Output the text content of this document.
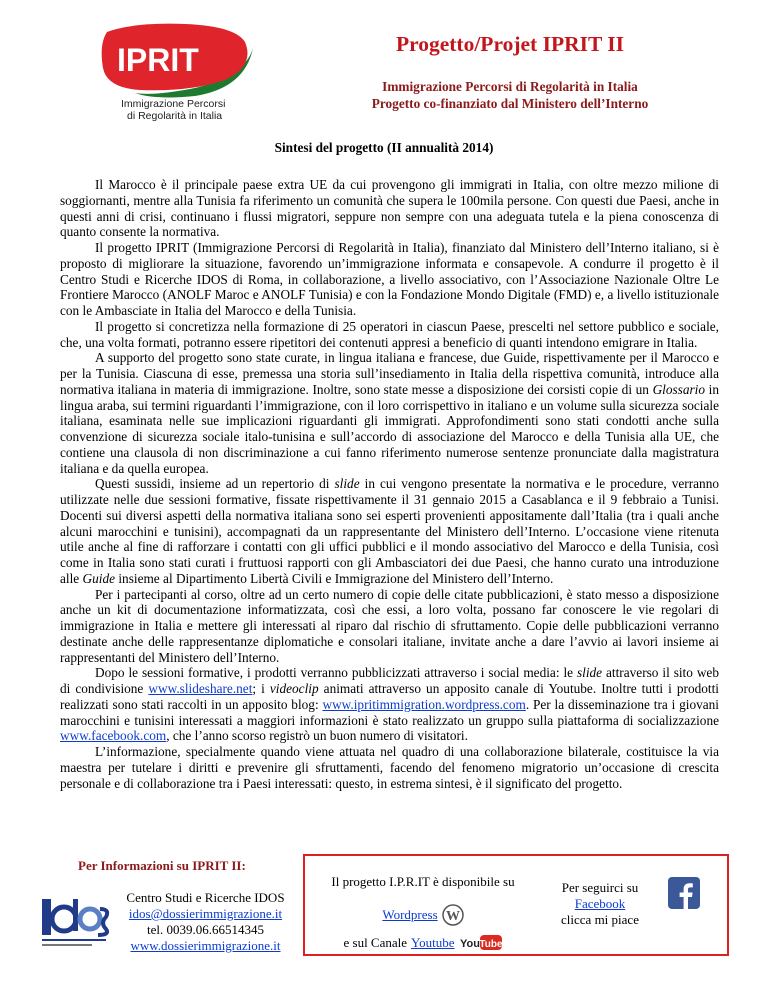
IPRIT
Immigrazione Percorsi
di Regolarità in Italia
Progetto/Projet IPRIT II
Immigrazione Percorsi di Regolarità in Italia
Progetto co-finanziato dal Ministero dell’Interno
Sintesi del progetto (II annualità 2014)

Il Marocco è il principale paese extra UE da cui provengono gli immigrati in Italia, con oltre mezzo milione di soggiornanti, mentre alla Tunisia fa riferimento un comunità che supera le 100mila persone. Con questi due Paesi, anche in questi anni di crisi, continuano i flussi migratori, seppure non sempre con una adeguata tutela e la piena conoscenza di quanto consente la normativa.

Il progetto IPRIT (Immigrazione Percorsi di Regolarità in Italia), finanziato dal Ministero dell’Interno italiano, si è proposto di migliorare la situazione, favorendo un’immigrazione informata e consapevole. A condurre il progetto è il Centro Studi e Ricerche IDOS di Roma, in collaborazione, a livello associativo, con l’Associazione Nazionale Oltre Le Frontiere Marocco (ANOLF Maroc e ANOLF Tunisia) e con la Fondazione Mondo Digitale (FMD) e, a livello istituzionale con le Ambasciate in Italia del Marocco e della Tunisia.

Il progetto si concretizza nella formazione di 25 operatori in ciascun Paese, prescelti nel settore pubblico e sociale, che, una volta formati, potranno essere ripetitori dei contenuti appresi a beneficio di quanti intendono emigrare in Italia.

A supporto del progetto sono state curate, in lingua italiana e francese, due Guide, rispettivamente per il Marocco e per la Tunisia. Ciascuna di esse, premessa una storia sull’insediamento in Italia della rispettiva comunità, introduce alla normativa italiana in materia di immigrazione. Inoltre, sono state messe a disposizione dei corsisti copie di un Glossario in lingua araba, sui termini riguardanti l’immigrazione, con il loro corrispettivo in italiano e un volume sulla sicurezza sociale italiana, esaminata nelle sue implicazioni riguardanti gli immigrati. Approfondimenti sono stati condotti anche sulla convenzione di sicurezza sociale italo-tunisina e sull’accordo di associazione del Marocco e della Tunisia alla UE, che contiene una clausola di non discriminazione a cui fanno riferimento numerose sentenze pronunciate dalla magistratura italiana e da quella europea.

Questi sussidi, insieme ad un repertorio di slide in cui vengono presentate la normativa e le procedure, verranno utilizzate nelle due sessioni formative, fissate rispettivamente il 31 gennaio 2015 a Casablanca e il 9 febbraio a Tunisi. Docenti sui diversi aspetti della normativa italiana sono sei esperti provenienti appositamente dall’Italia (tra i quali anche alcuni marocchini e tunisini), accompagnati da un rappresentante del Ministero dell’Interno. L’occasione viene ritenuta utile anche al fine di rafforzare i contatti con gli uffici pubblici e il mondo associativo del Marocco e della Tunisia, così come in Italia sono stati curati i fruttuosi rapporti con gli Ambasciatori dei due Paesi, che hanno curato una introduzione alle Guide insieme al Dipartimento Libertà Civili e Immigrazione del Ministero dell’Interno.

Per i partecipanti al corso, oltre ad un certo numero di copie delle citate pubblicazioni, è stato messo a disposizione anche un kit di documentazione informatizzata, così che essi, a loro volta, possano far conoscere le vie regolari di immigrazione in Italia e mettere gli interessati al riparo dal rischio di sfruttamento. Copie delle pubblicazioni verranno destinate anche delle rappresentanze diplomatiche e consolari italiane, invitate anche a dare l’avvio ai lavori insieme ai rappresentanti del Ministero dell’Interno.

Dopo le sessioni formative, i prodotti verranno pubblicizzati attraverso i social media: le slide attraverso il sito web di condivisione www.slideshare.net; i videoclip animati attraverso un apposito canale di Youtube. Inoltre tutti i prodotti realizzati sono stati raccolti in un apposito blog: www.ipritimmigration.wordpress.com. Per la disseminazione tra i giovani marocchini e tunisini interessati a maggiori informazioni è stato realizzato un gruppo sulla piattaforma di socializzazione www.facebook.com, che l’anno scorso registrò un buon numero di visitatori.

L’informazione, specialmente quando viene attuata nel quadro di una collaborazione bilaterale, costituisce la via maestra per tutelare i diritti e prevenire gli sfruttamenti, facendo del fenomeno migratorio un’occasione di crescita personale e di collaborazione tra i Paesi interessati: questo, in estrema sintesi, è il significato del progetto.

Per Informazioni su IPRIT II:
Centro Studi e Ricerche IDOS
idos@dossierimmigrazione.it
tel. 0039.06.66514345
www.dossierimmigrazione.it
Il progetto I.P.R.IT è disponibile su
Wordpress W
e sul Canale Youtube You Tube
Per seguirci su
Facebook
clicca mi piace
